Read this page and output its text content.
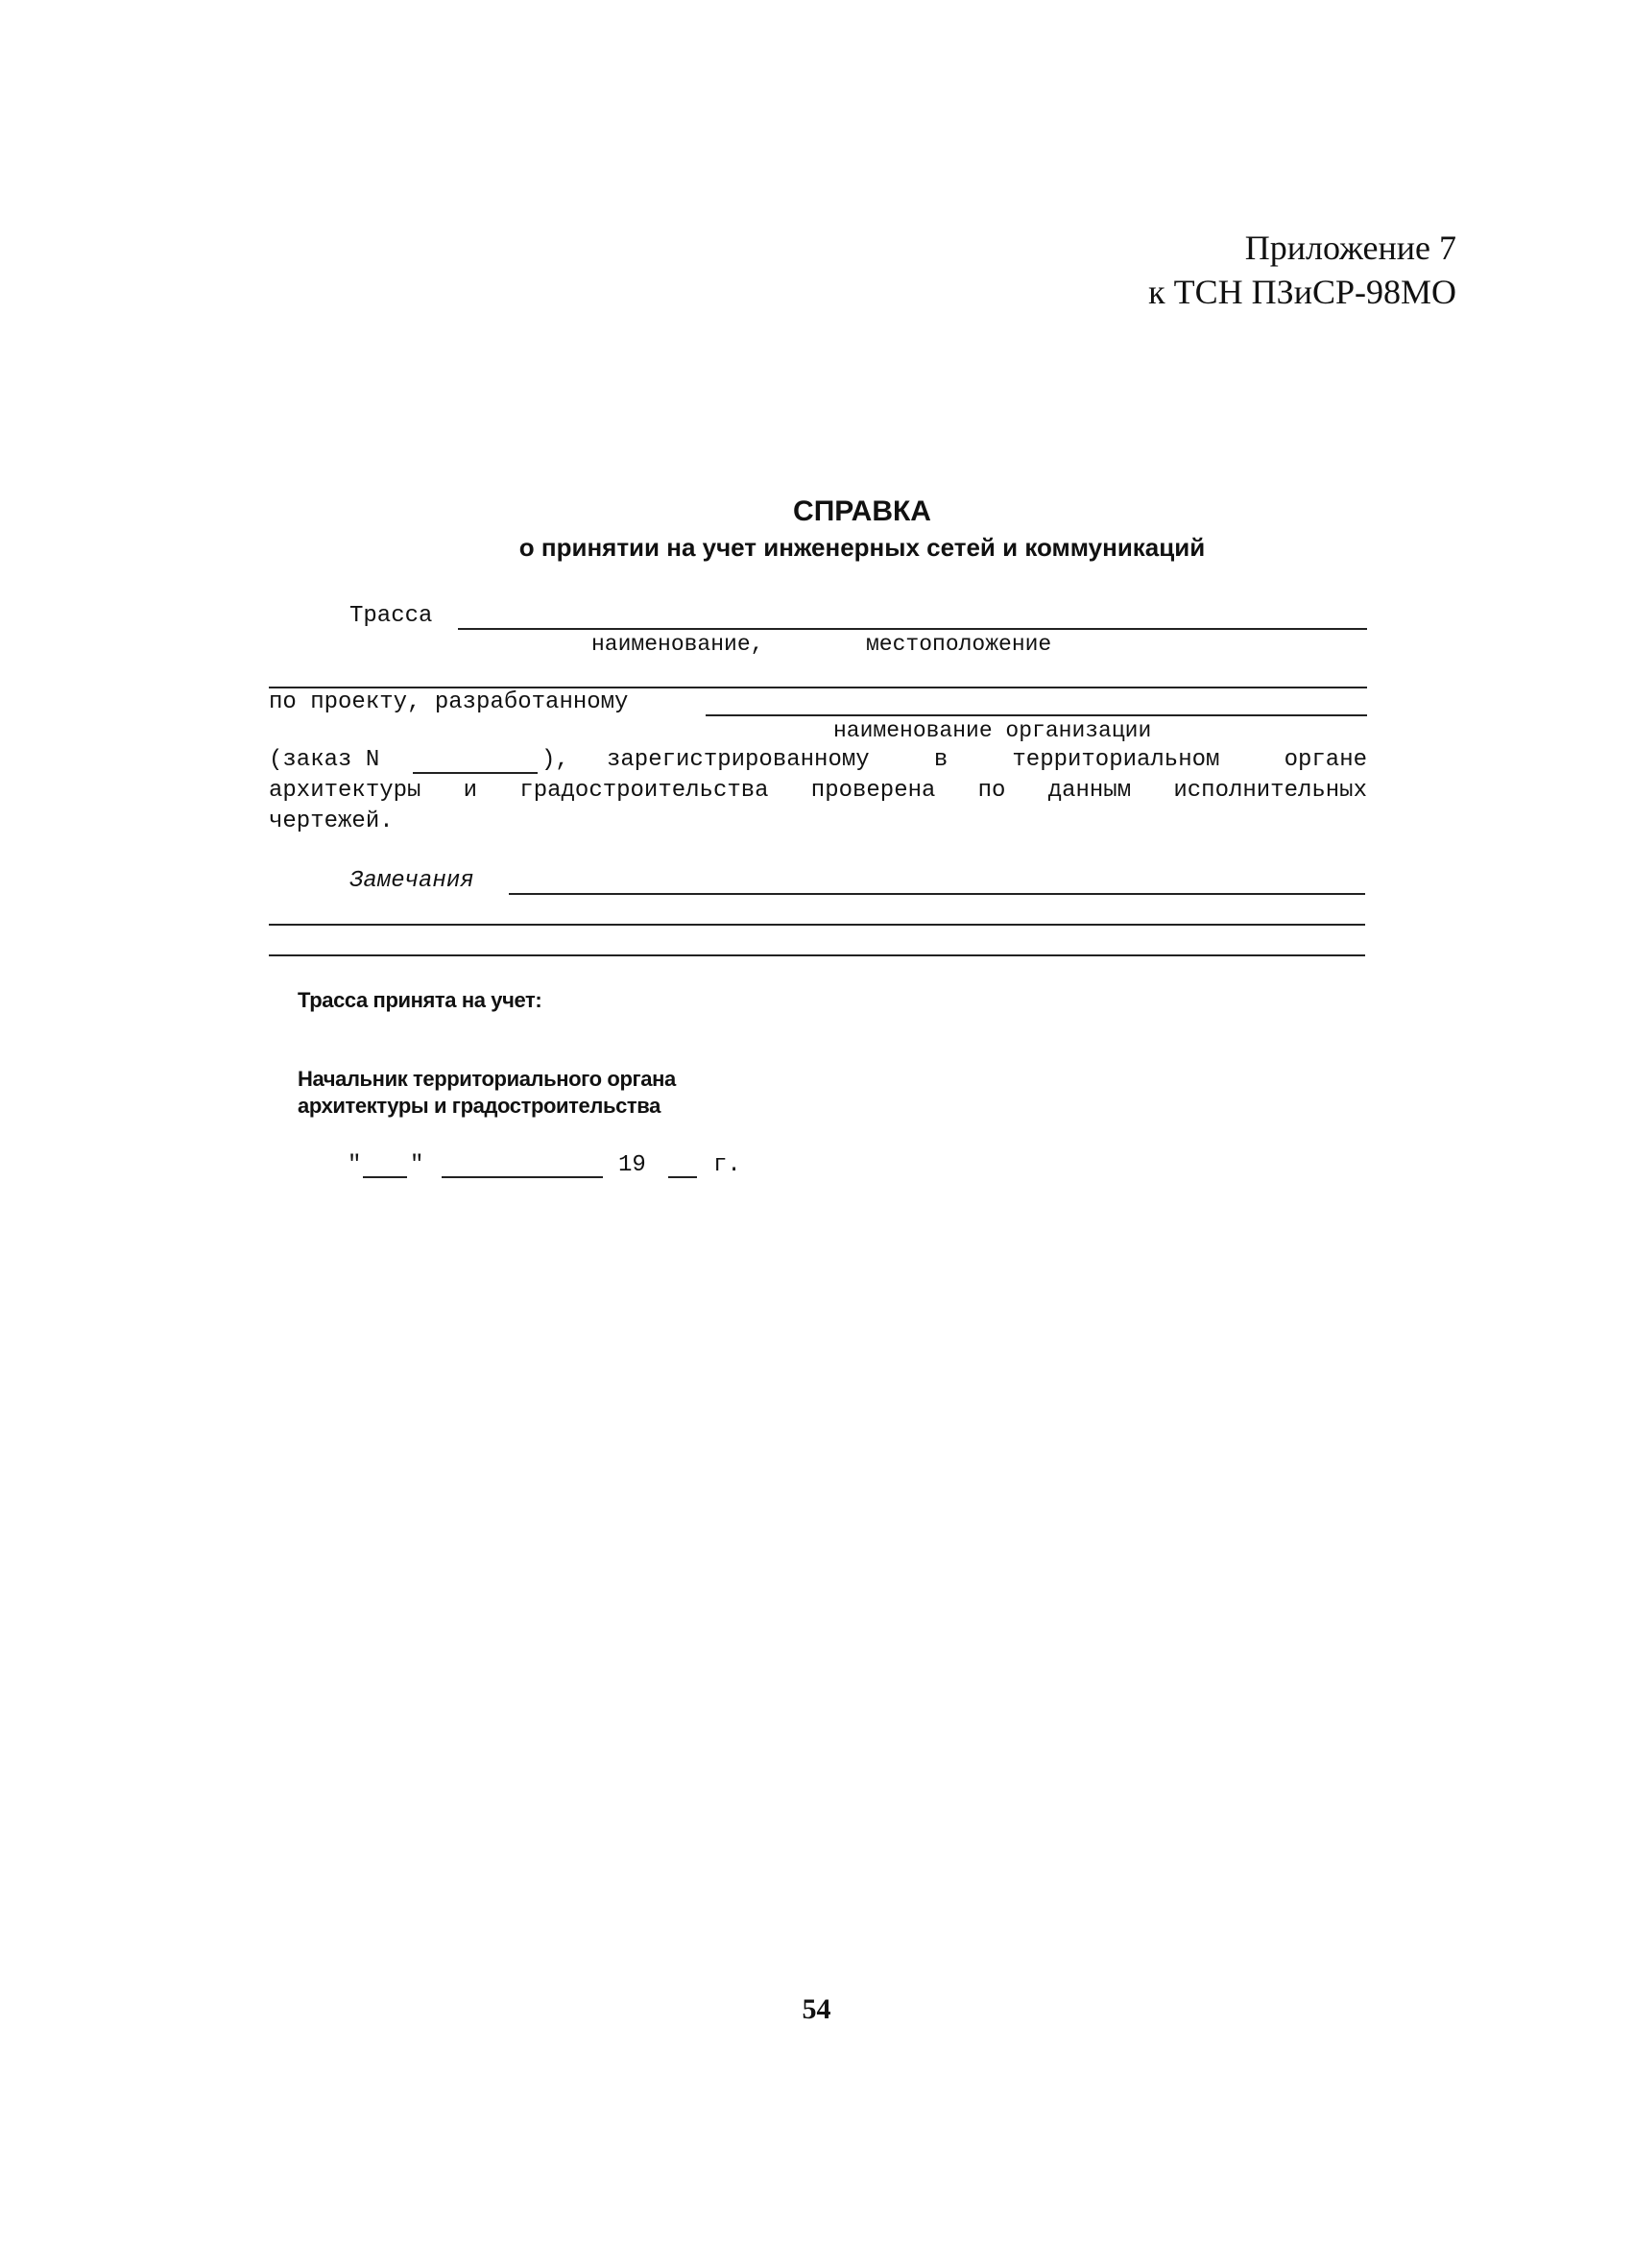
Приложение 7
к ТСН ПЗиСР-98МО
СПРАВКА
о принятии на учет инженерных сетей и коммуникаций
Трасса
наименование,	местоположение
по проекту, разработанному
наименование организации
(заказ N	), зарегистрированному в территориальном органе
архитектуры и градостроительства проверена по данным исполнительных
чертежей.
Замечания
Трасса принята на учет:
Начальник территориального органа
архитектуры и градостроительства
" "	19	г.
54
